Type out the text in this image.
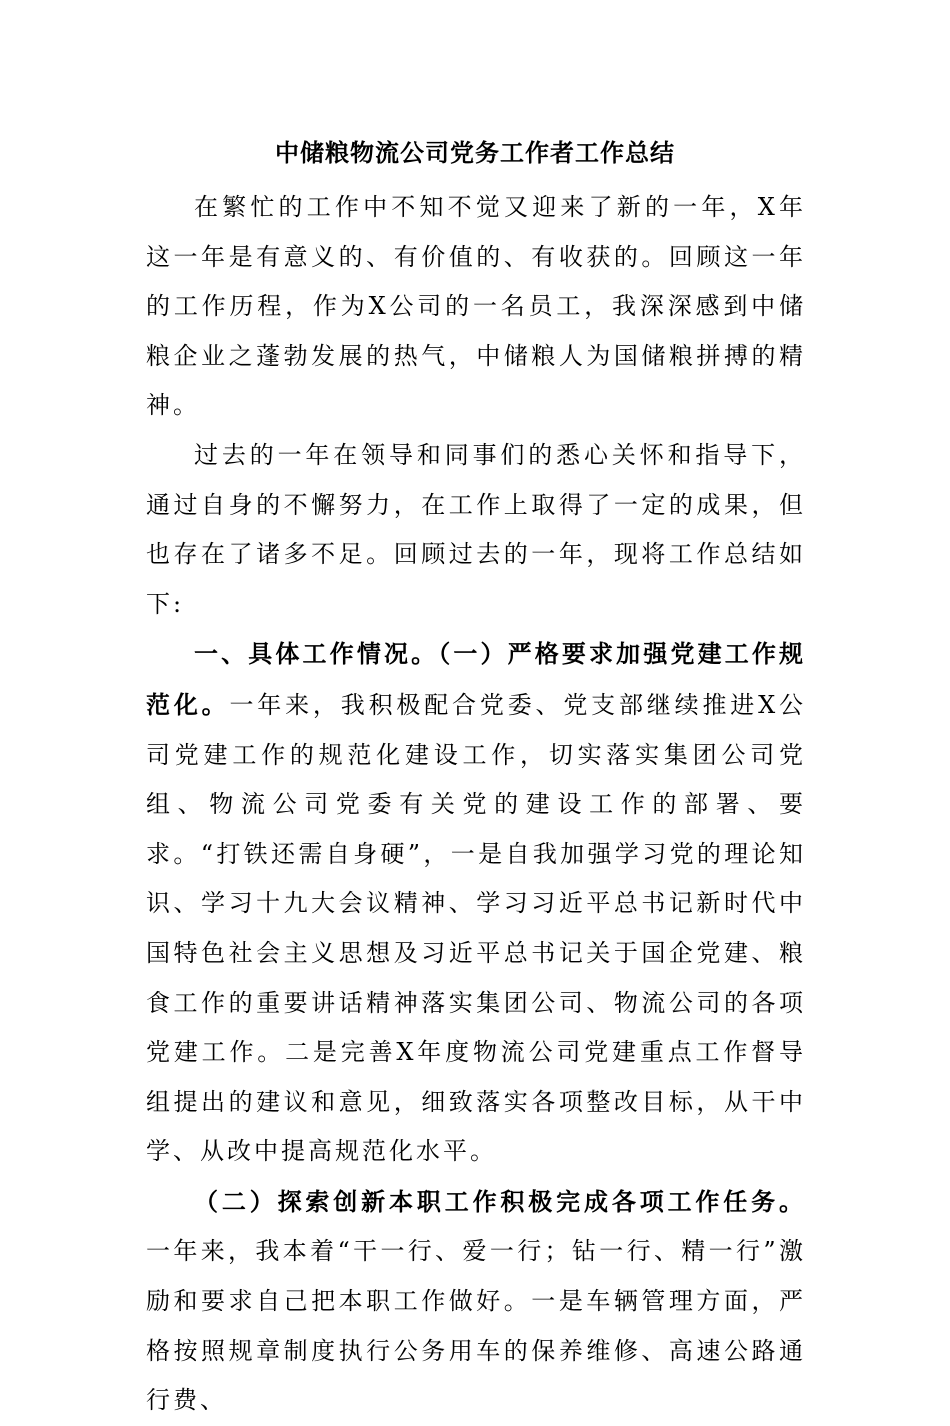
中储粮物流公司党务工作者工作总结

在繁忙的工作中不知不觉又迎来了新的一年，X年这一年是有意义的、有价值的、有收获的。回顾这一年的工作历程，作为X公司的一名员工，我深深感到中储粮企业之蓬勃发展的热气，中储粮人为国储粮拼搏的精神。

过去的一年在领导和同事们的悉心关怀和指导下，通过自身的不懈努力，在工作上取得了一定的成果，但也存在了诸多不足。回顾过去的一年，现将工作总结如下:

一、具体工作情况。（一）严格要求加强党建工作规范化。一年来，我积极配合党委、党支部继续推进X公司党建工作的规范化建设工作，切实落实集团公司党组、物流公司党委有关党的建设工作的部署、要求。“打铁还需自身硬”，一是自我加强学习党的理论知识、学习十九大会议精神、学习习近平总书记新时代中国特色社会主义思想及习近平总书记关于国企党建、粮食工作的重要讲话精神落实集团公司、物流公司的各项党建工作。二是完善X年度物流公司党建重点工作督导组提出的建议和意见，细致落实各项整改目标，从干中学、从改中提高规范化水平。

（二）探索创新本职工作积极完成各项工作任务。一年来，我本着“干一行、爱一行；钻一行、精一行”激励和要求自己把本职工作做好。一是车辆管理方面，严格按照规章制度执行公务用车的保养维修、高速公路通行费、
